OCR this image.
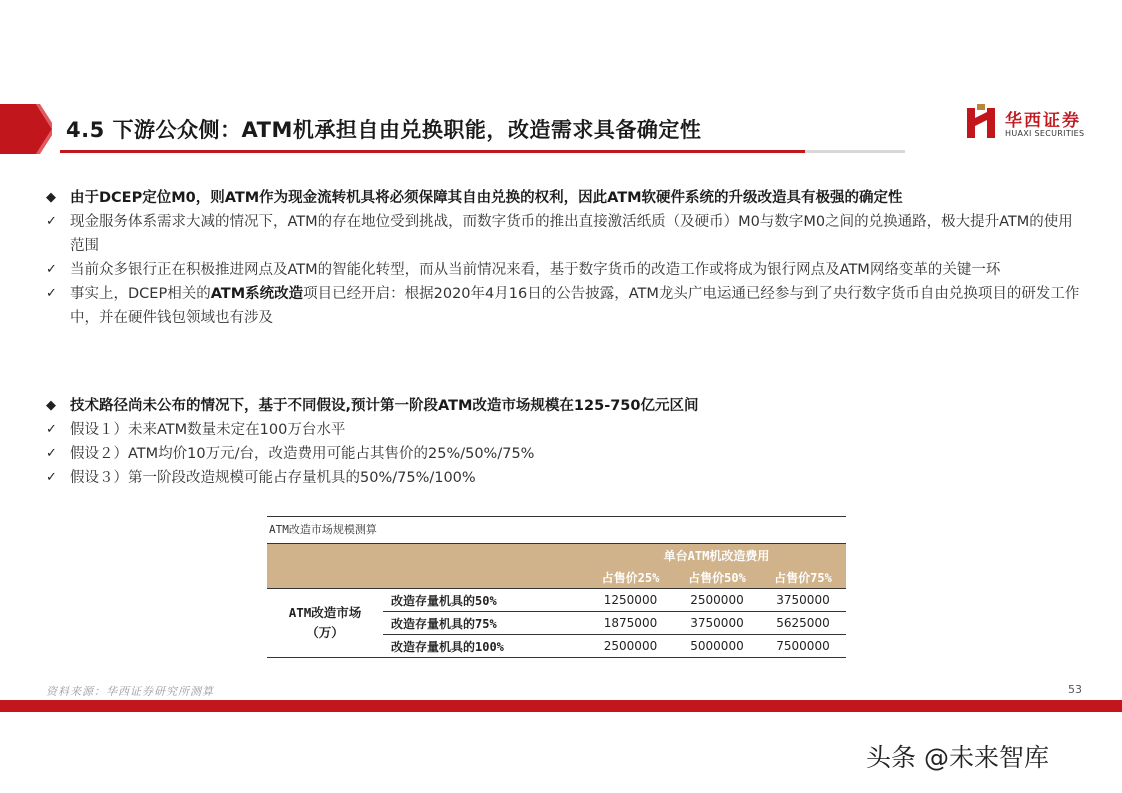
4.5 下游公众侧：ATM机承担自由兑换职能，改造需求具备确定性	华西证券
HUAXI SECURITIES
◆ 由于DCEP定位M0，则ATM作为现金流转机具将必须保障其自由兑换的权利，因此ATM软硬件系统的升级改造具有极强的确定性
✓ 现金服务体系需求大减的情况下，ATM的存在地位受到挑战，而数字货币的推出直接激活纸质（及硬币）M0与数字M0之间的兑换通路，极大提升ATM的使用范围
✓ 当前众多银行正在积极推进网点及ATM的智能化转型，而从当前情况来看，基于数字货币的改造工作或将成为银行网点及ATM网络变革的关键一环
✓ 事实上，DCEP相关的ATM系统改造项目已经开启：根据2020年4月16日的公告披露，ATM龙头广电运通已经参与到了央行数字货币自由兑换项目的研发工作中，并在硬件钱包领域也有涉及
◆ 技术路径尚未公布的情况下，基于不同假设,预计第一阶段ATM改造市场规模在125-750亿元区间
✓ 假设１）未来ATM数量未定在100万台水平
✓ 假设２）ATM均价10万元/台，改造费用可能占其售价的25%/50%/75%
✓ 假设３）第一阶段改造规模可能占存量机具的50%/75%/100%
ATM改造市场规模测算
		单台ATM机改造费用		
		占售价25%	占售价50%	占售价75%
ATM改造市场
（万）	改造存量机具的50%	1250000	2500000	3750000
	改造存量机具的75%	1875000	3750000	5625000
	改造存量机具的100%	2500000	5000000	7500000
资料来源：华西证券研究所测算	53
头条 @未来智库
